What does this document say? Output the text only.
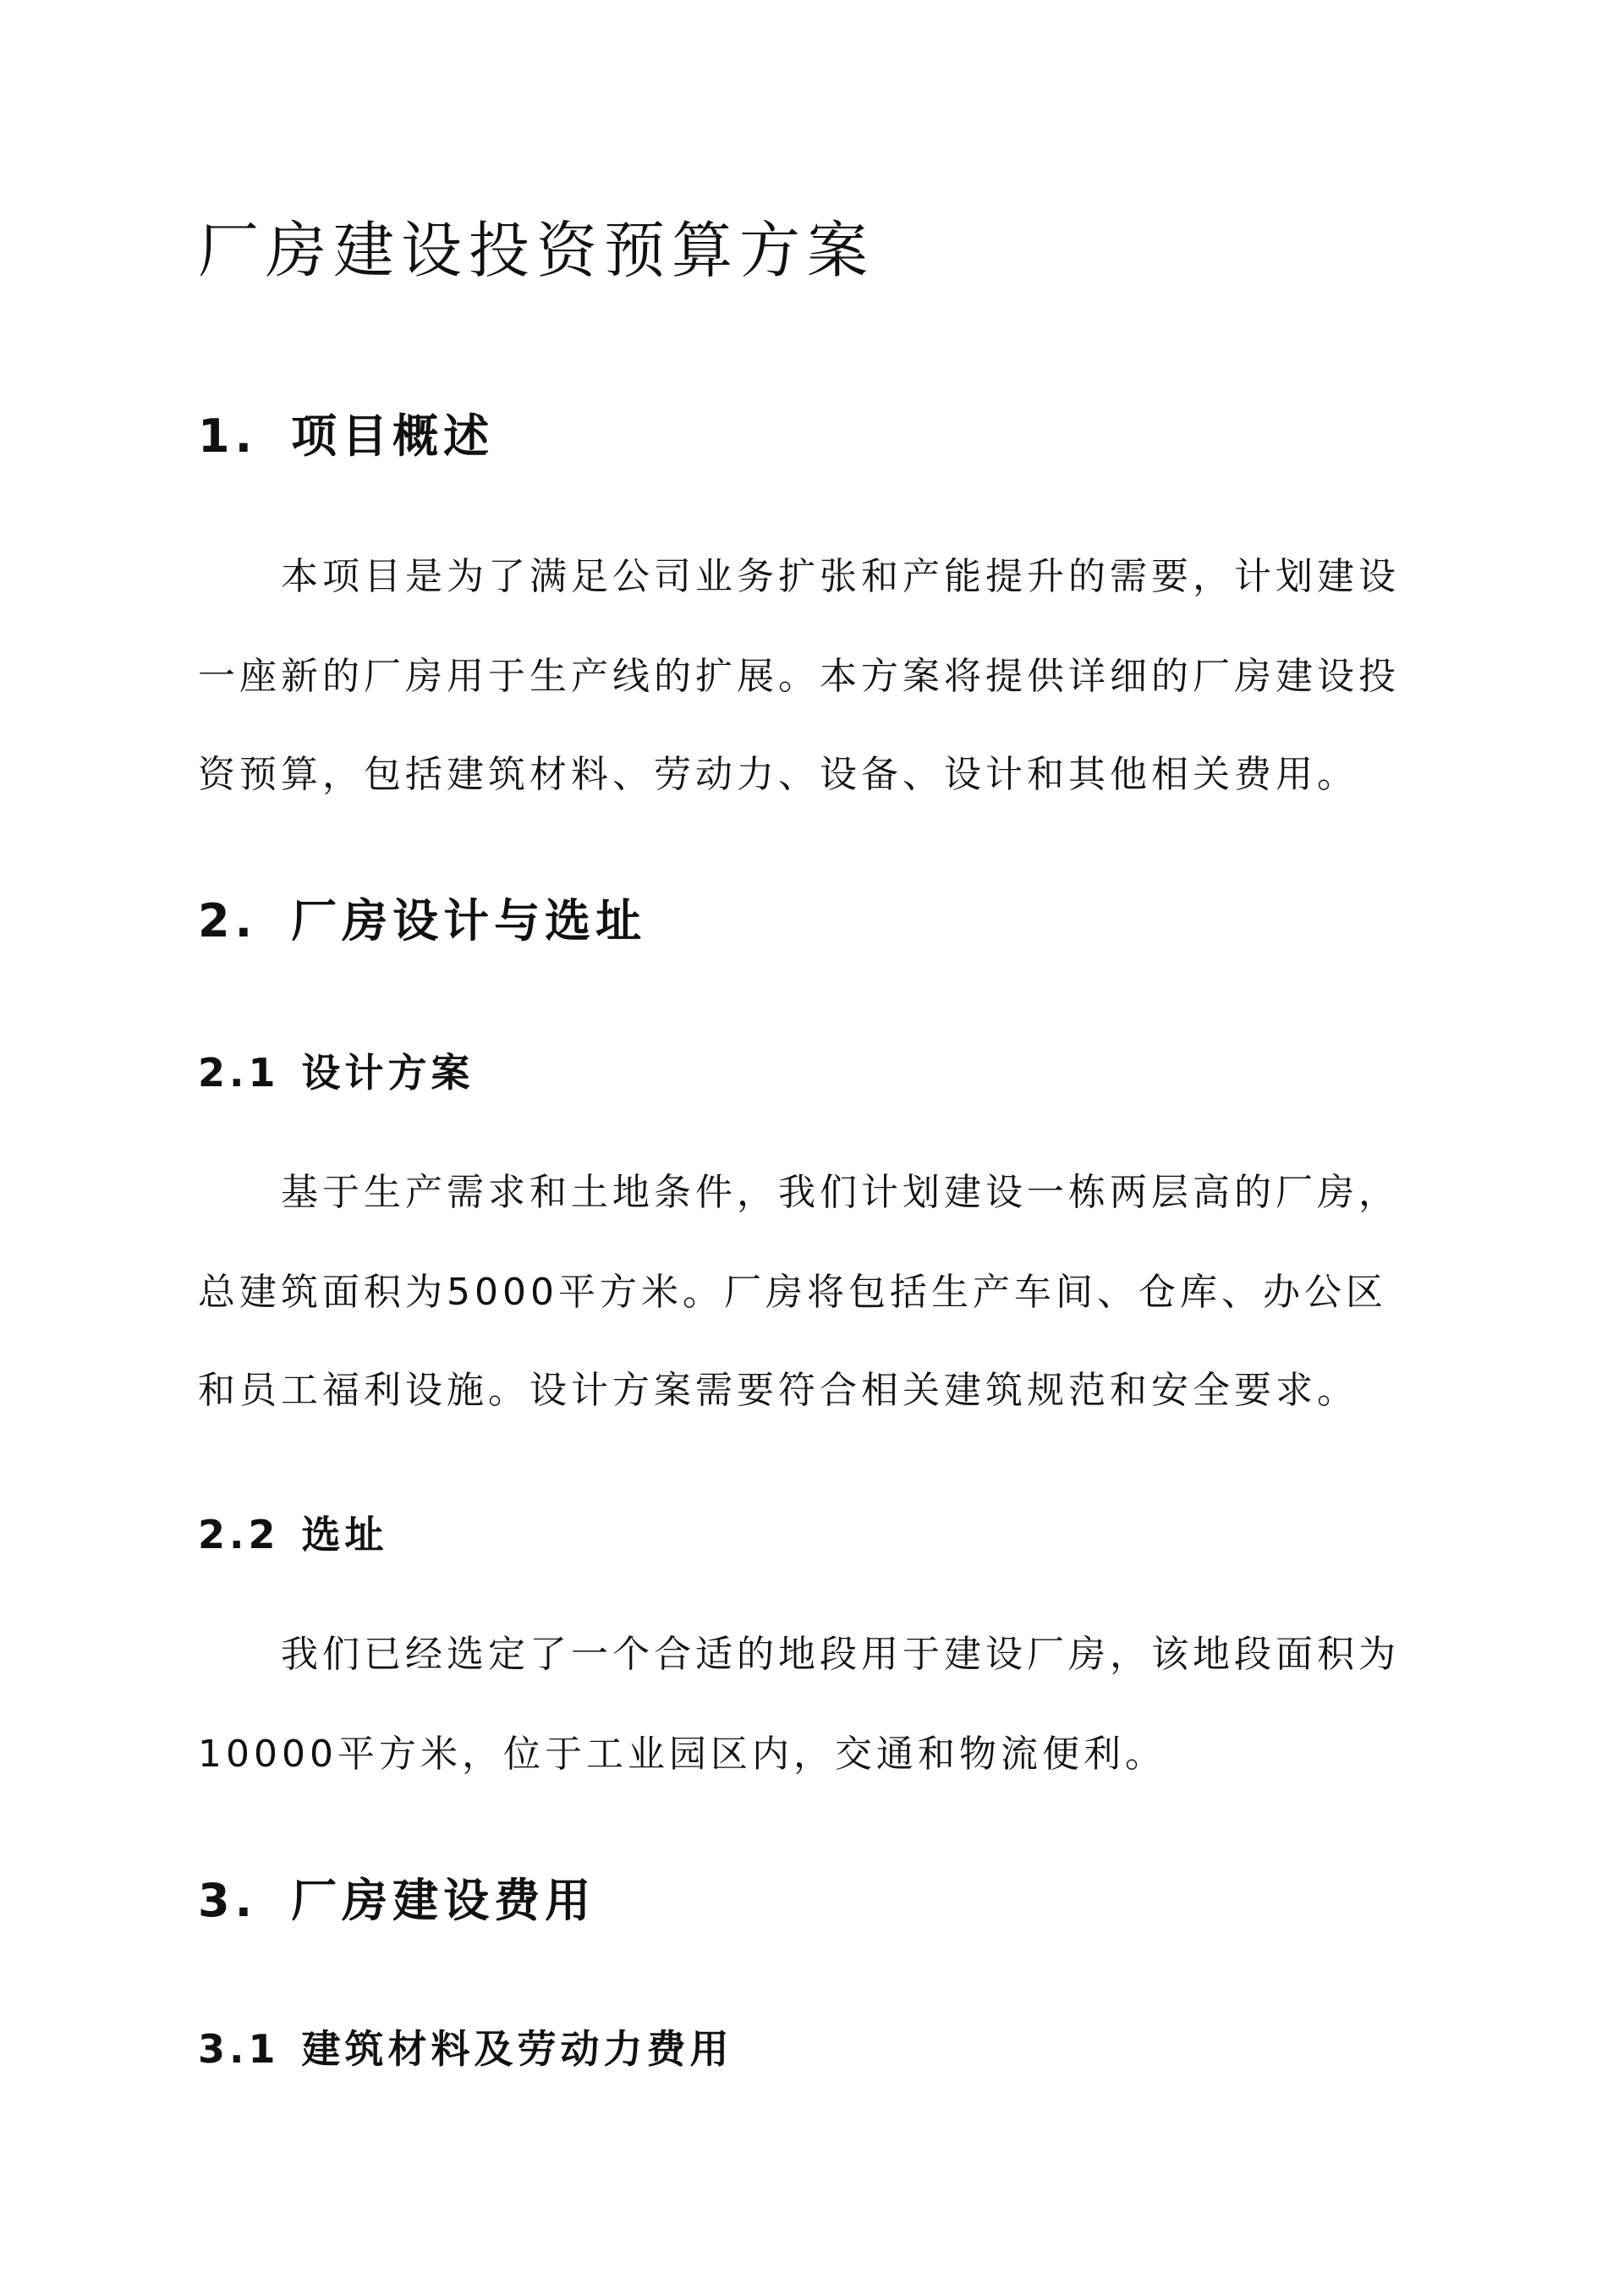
厂房建设投资预算方案
1. 项目概述
本项目是为了满足公司业务扩张和产能提升的需要，计划建设
一座新的厂房用于生产线的扩展。本方案将提供详细的厂房建设投
资预算，包括建筑材料、劳动力、设备、设计和其他相关费用。
2. 厂房设计与选址
2.1 设计方案
基于生产需求和土地条件，我们计划建设一栋两层高的厂房，
总建筑面积为5000平方米。厂房将包括生产车间、仓库、办公区
和员工福利设施。设计方案需要符合相关建筑规范和安全要求。
2.2 选址
我们已经选定了一个合适的地段用于建设厂房，该地段面积为
10000平方米，位于工业园区内，交通和物流便利。
3. 厂房建设费用
3.1 建筑材料及劳动力费用
